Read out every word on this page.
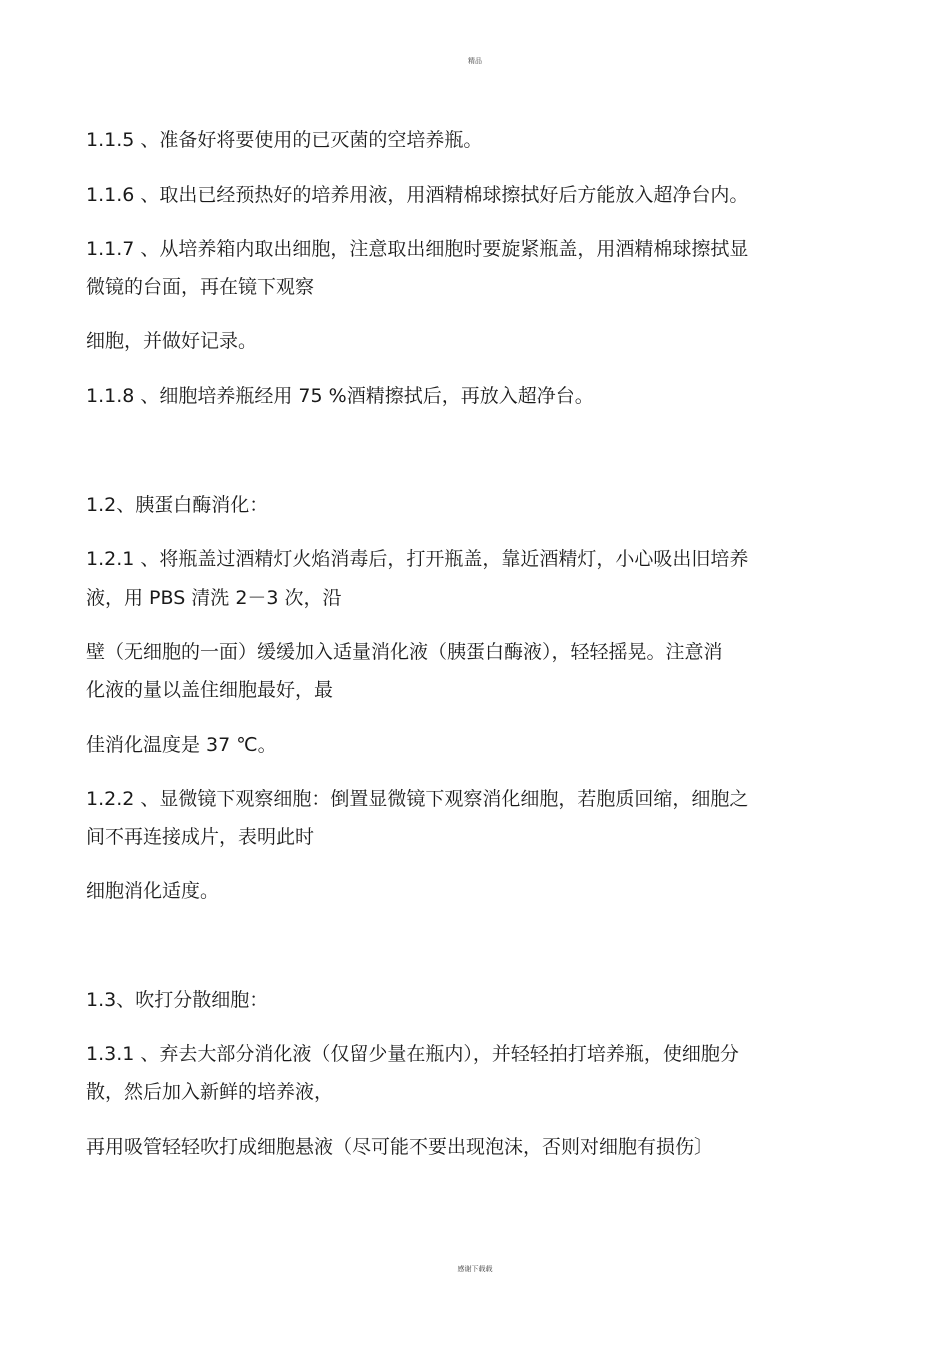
精品
1.1.5 、准备好将要使用的已灭菌的空培养瓶。
1.1.6 、取出已经预热好的培养用液，用酒精棉球擦拭好后方能放入超净台内。
1.1.7 、从培养箱内取出细胞，注意取出细胞时要旋紧瓶盖，用酒精棉球擦拭显
微镜的台面，再在镜下观察
细胞，并做好记录。
1.1.8 、细胞培养瓶经用 75 %酒精擦拭后，再放入超净台。
1.2、胰蛋白酶消化：
1.2.1 、将瓶盖过酒精灯火焰消毒后，打开瓶盖，靠近酒精灯，小心吸出旧培养
液，用 PBS 清洗 2－3 次，沿
壁（无细胞的一面）缓缓加入适量消化液（胰蛋白酶液），轻轻摇晃。注意消
化液的量以盖住细胞最好，最
佳消化温度是 37 ℃。
1.2.2 、显微镜下观察细胞：倒置显微镜下观察消化细胞，若胞质回缩，细胞之
间不再连接成片，表明此时
细胞消化适度。
1.3、吹打分散细胞：
1.3.1 、弃去大部分消化液（仅留少量在瓶内），并轻轻拍打培养瓶，使细胞分
散，然后加入新鲜的培养液，
再用吸管轻轻吹打成细胞悬液（尽可能不要出现泡沫，否则对细胞有损伤〕
感谢下载载
